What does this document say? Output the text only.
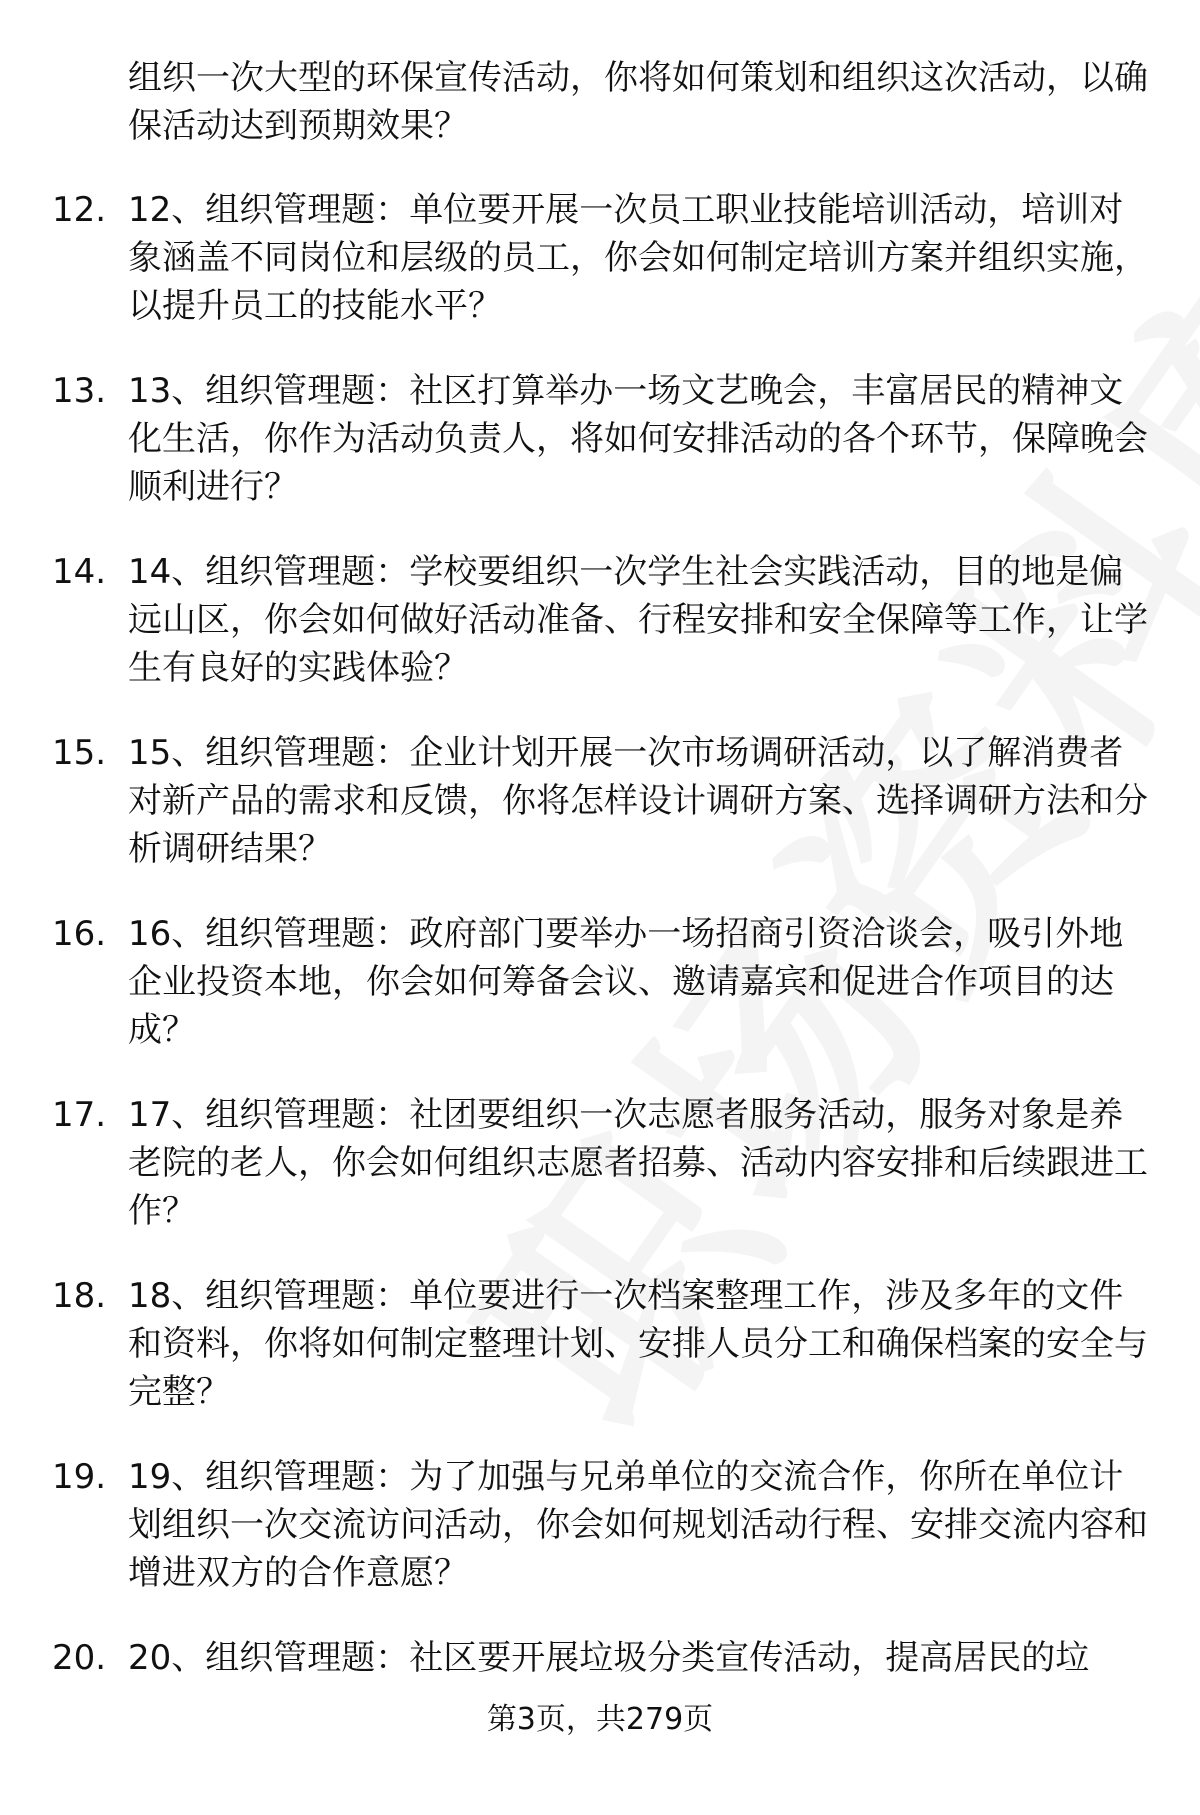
组织一次大型的环保宣传活动，你将如何策划和组织这次活动，以确保活动达到预期效果？
12. 12、组织管理题：单位要开展一次员工职业技能培训活动，培训对象涵盖不同岗位和层级的员工，你会如何制定培训方案并组织实施，以提升员工的技能水平？
13. 13、组织管理题：社区打算举办一场文艺晚会，丰富居民的精神文化生活，你作为活动负责人，将如何安排活动的各个环节，保障晚会顺利进行？
14. 14、组织管理题：学校要组织一次学生社会实践活动，目的地是偏远山区，你会如何做好活动准备、行程安排和安全保障等工作，让学生有良好的实践体验？
15. 15、组织管理题：企业计划开展一次市场调研活动，以了解消费者对新产品的需求和反馈，你将怎样设计调研方案、选择调研方法和分析调研结果？
16. 16、组织管理题：政府部门要举办一场招商引资洽谈会，吸引外地企业投资本地，你会如何筹备会议、邀请嘉宾和促进合作项目的达成？
17. 17、组织管理题：社团要组织一次志愿者服务活动，服务对象是养老院的老人，你会如何组织志愿者招募、活动内容安排和后续跟进工作？
18. 18、组织管理题：单位要进行一次档案整理工作，涉及多年的文件和资料，你将如何制定整理计划、安排人员分工和确保档案的安全与完整？
19. 19、组织管理题：为了加强与兄弟单位的交流合作，你所在单位计划组织一次交流访问活动，你会如何规划活动行程、安排交流内容和增进双方的合作意愿？
20. 20、组织管理题：社区要开展垃圾分类宣传活动，提高居民的垃
第3页，共279页
